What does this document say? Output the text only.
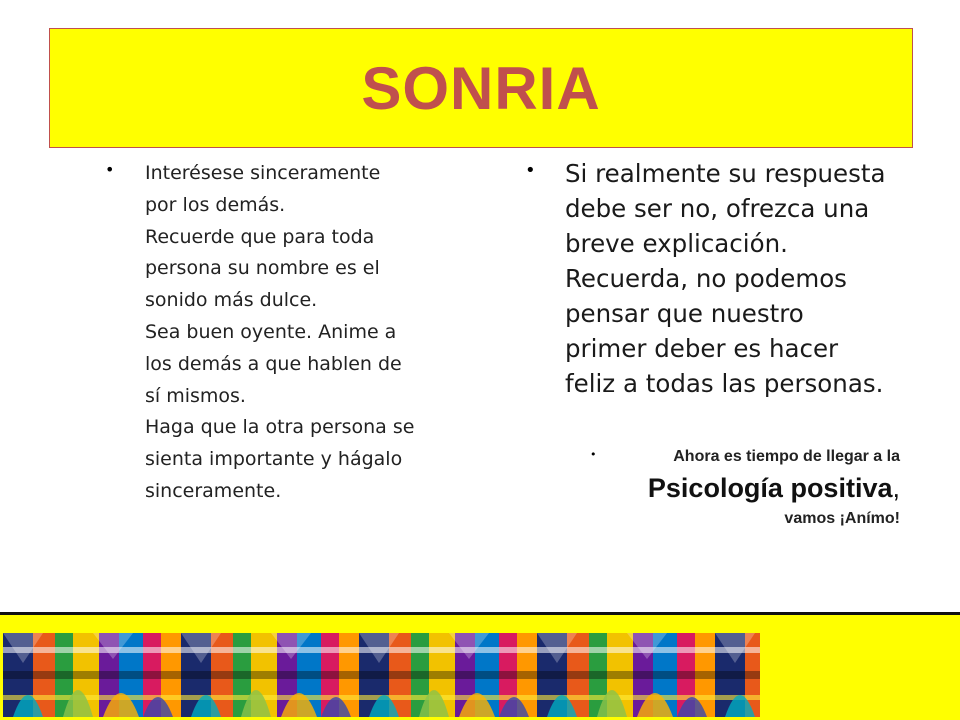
SONRIA
• Interésese sinceramente
por los demás.
Recuerde que para toda
persona su nombre es el
sonido más dulce.
Sea buen oyente. Anime a
los demás a que hablen de
sí mismos.
Haga que la otra persona se
sienta importante y hágalo
sinceramente.
• Si realmente su respuesta
debe ser no, ofrezca una
breve explicación.
Recuerda, no podemos
pensar que nuestro
primer deber es hacer
feliz a todas las personas.
•	Ahora es tiempo de llegar a la
Psicología positiva,
vamos ¡Anímo!
